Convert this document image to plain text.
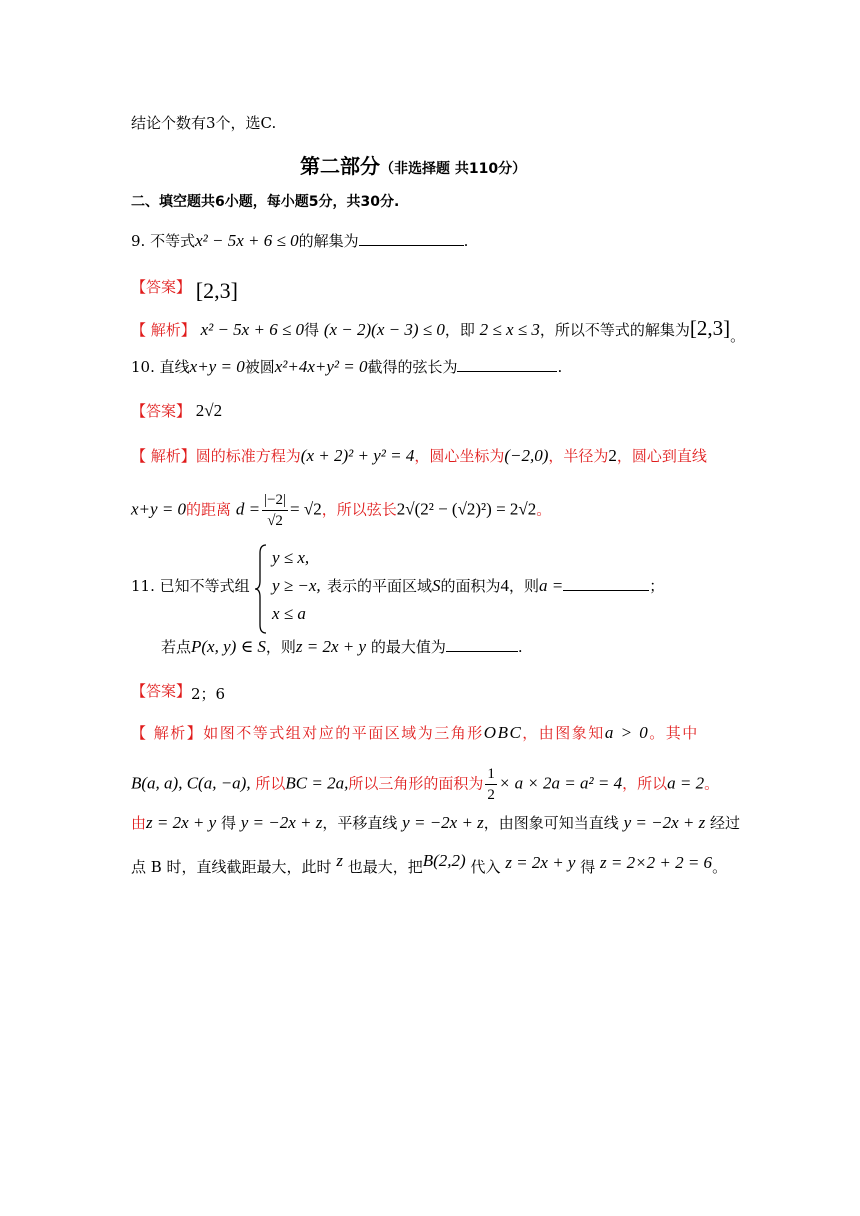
结论个数有3个，选C.
第二部分（非选择题 共110分）
二、填空题共6小题，每小题5分，共30分.
9. 不等式x² − 5x + 6 ≤ 0的解集为	.
【答案】 [2,3]
【 解析】 x² − 5x + 6 ≤ 0得 (x − 2)(x − 3) ≤ 0，即 2 ≤ x ≤ 3，所以不等式的解集为[2,3]。
10. 直线x+y = 0被圆x²+4x+y² = 0截得的弦长为	.
【答案】 2√2
【 解析】圆的标准方程为(x + 2)² + y² = 4，圆心坐标为(−2,0)，半径为2，圆心到直线
x+y = 0的距离 $d = \frac{|-2|}{√2} = √2$，所以弦长2√(2² − (√2)²) = 2√2。
11. 已知不等式组
y ≤ x,
y ≥ −x,
x ≤ a
表示的平面区域S的面积为4，则a =	；
若点P(x, y) ∈ S，则z = 2x + y 的最大值为	.
【答案】2；6
【 解析】如图不等式组对应的平面区域为三角形OBC，由图象知a > 0。其中
B(a, a), C(a, −a), 所以BC = 2a,所以三角形的面积为 $\frac{1}{2} \times a \times 2a = a^2 = 4$，所以a = 2。
由z = 2x + y 得 y = −2x + z，平移直线 y = −2x + z，由图象可知当直线 y = −2x + z 经过
点 B 时，直线截距最大，此时 z 也最大，把B(2,2) 代入 z = 2x + y 得 z = 2×2 + 2 = 6。
